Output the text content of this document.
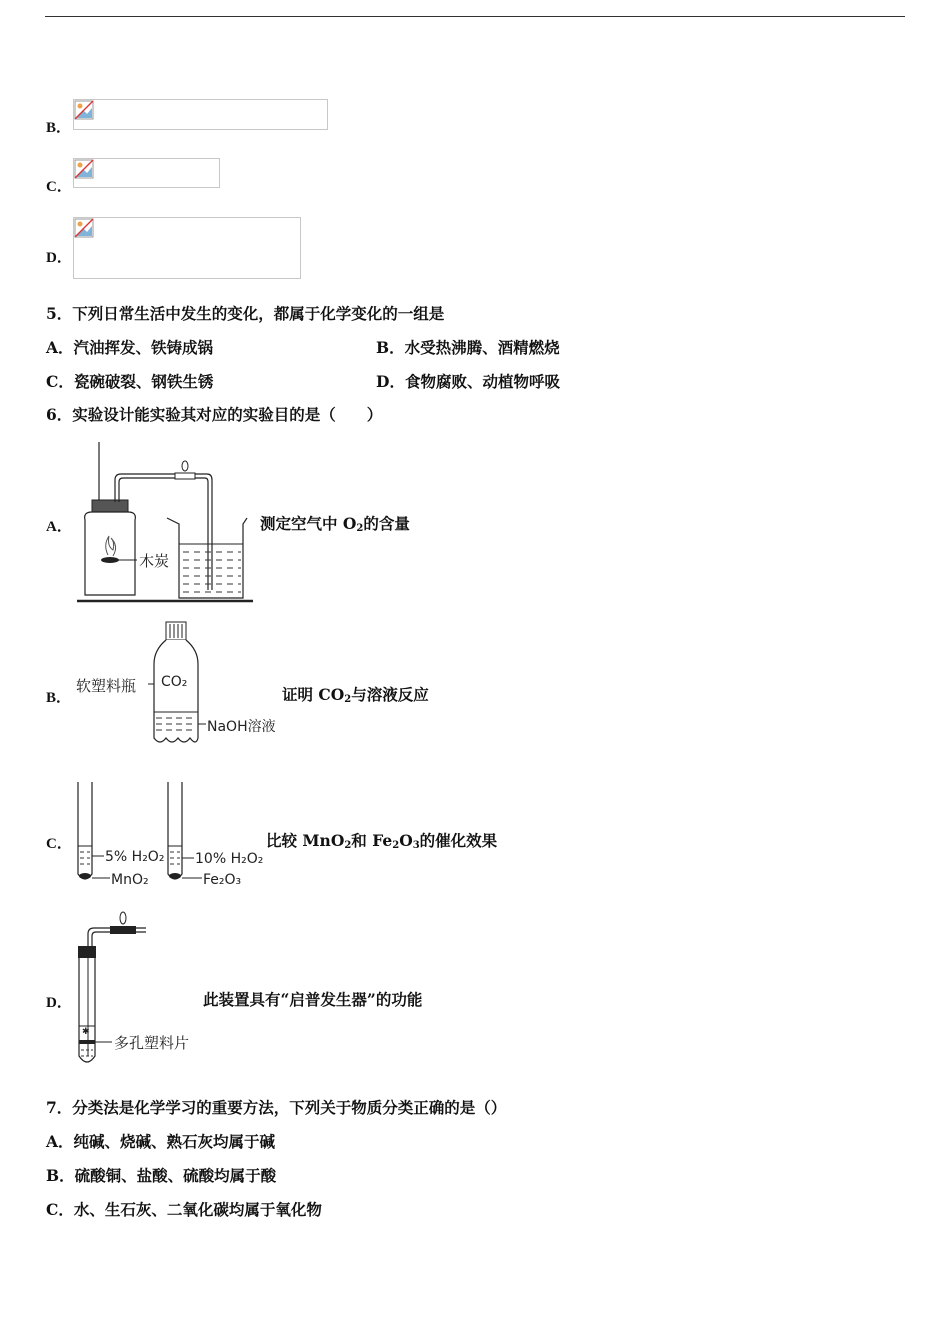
B．
C．
D．
5．下列日常生活中发生的变化，都属于化学变化的一组是
A．汽油挥发、铁铸成锅	B．水受热沸腾、酒精燃烧
C．瓷碗破裂、钢铁生锈	D．食物腐败、动植物呼吸
6．实验设计能实验其对应的实验目的是（　　）
A．
木炭
测定空气中 $O_2$的含量
B．
软塑料瓶 CO₂
NaOH溶液
证明 $CO_2$与溶液反应
C．
5% H₂O₂
MnO₂
10% H₂O₂
Fe₂O₃
比较 MnO$_2$和 $Fe_2O_3$的催化效果
D．
✱
多孔塑料片
此装置具有“启普发生器”的功能
7．分类法是化学学习的重要方法，下列关于物质分类正确的是（）
A．纯碱、烧碱、熟石灰均属于碱
B．硫酸铜、盐酸、硫酸均属于酸
C．水、生石灰、二氧化碳均属于氧化物
